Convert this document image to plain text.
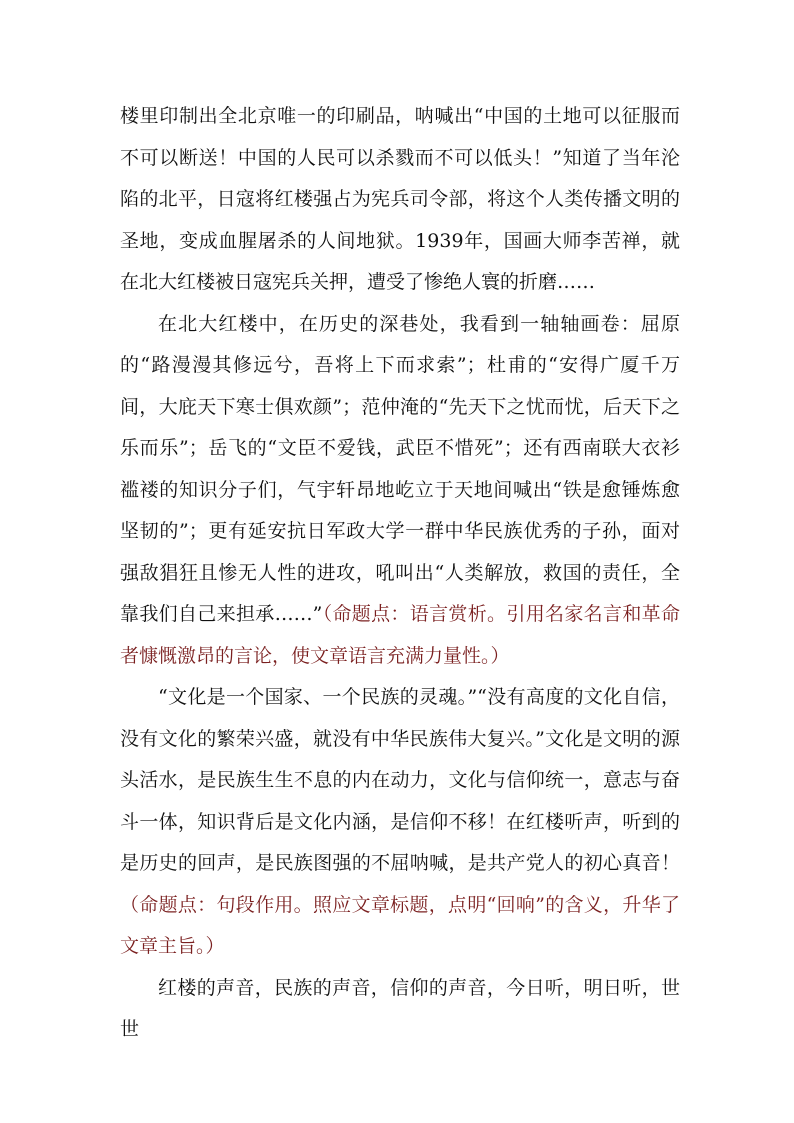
楼里印制出全北京唯一的印刷品，呐喊出“中国的土地可以征服而不可以断送！中国的人民可以杀戮而不可以低头！”知道了当年沦陷的北平，日寇将红楼强占为宪兵司令部，将这个人类传播文明的圣地，变成血腥屠杀的人间地狱。1939年，国画大师李苦禅，就在北大红楼被日寇宪兵关押，遭受了惨绝人寰的折磨……

在北大红楼中，在历史的深巷处，我看到一轴轴画卷：屈原的“路漫漫其修远兮，吾将上下而求索”；杜甫的“安得广厦千万间，大庇天下寒士俱欢颜”；范仲淹的“先天下之忧而忧，后天下之乐而乐”；岳飞的“文臣不爱钱，武臣不惜死”；还有西南联大衣衫褴褛的知识分子们，气宇轩昂地屹立于天地间喊出“铁是愈锤炼愈坚韧的”；更有延安抗日军政大学一群中华民族优秀的子孙，面对强敌猖狂且惨无人性的进攻，吼叫出“人类解放，救国的责任，全靠我们自己来担承……”（命题点：语言赏析。引用名家名言和革命者慷慨激昂的言论，使文章语言充满力量性。）

“文化是一个国家、一个民族的灵魂。”“没有高度的文化自信，没有文化的繁荣兴盛，就没有中华民族伟大复兴。”文化是文明的源头活水，是民族生生不息的内在动力，文化与信仰统一，意志与奋斗一体，知识背后是文化内涵，是信仰不移！在红楼听声，听到的是历史的回声，是民族图强的不屈呐喊，是共产党人的初心真音！（命题点：句段作用。照应文章标题，点明“回响”的含义，升华了文章主旨。）

红楼的声音，民族的声音，信仰的声音，今日听，明日听，世世
